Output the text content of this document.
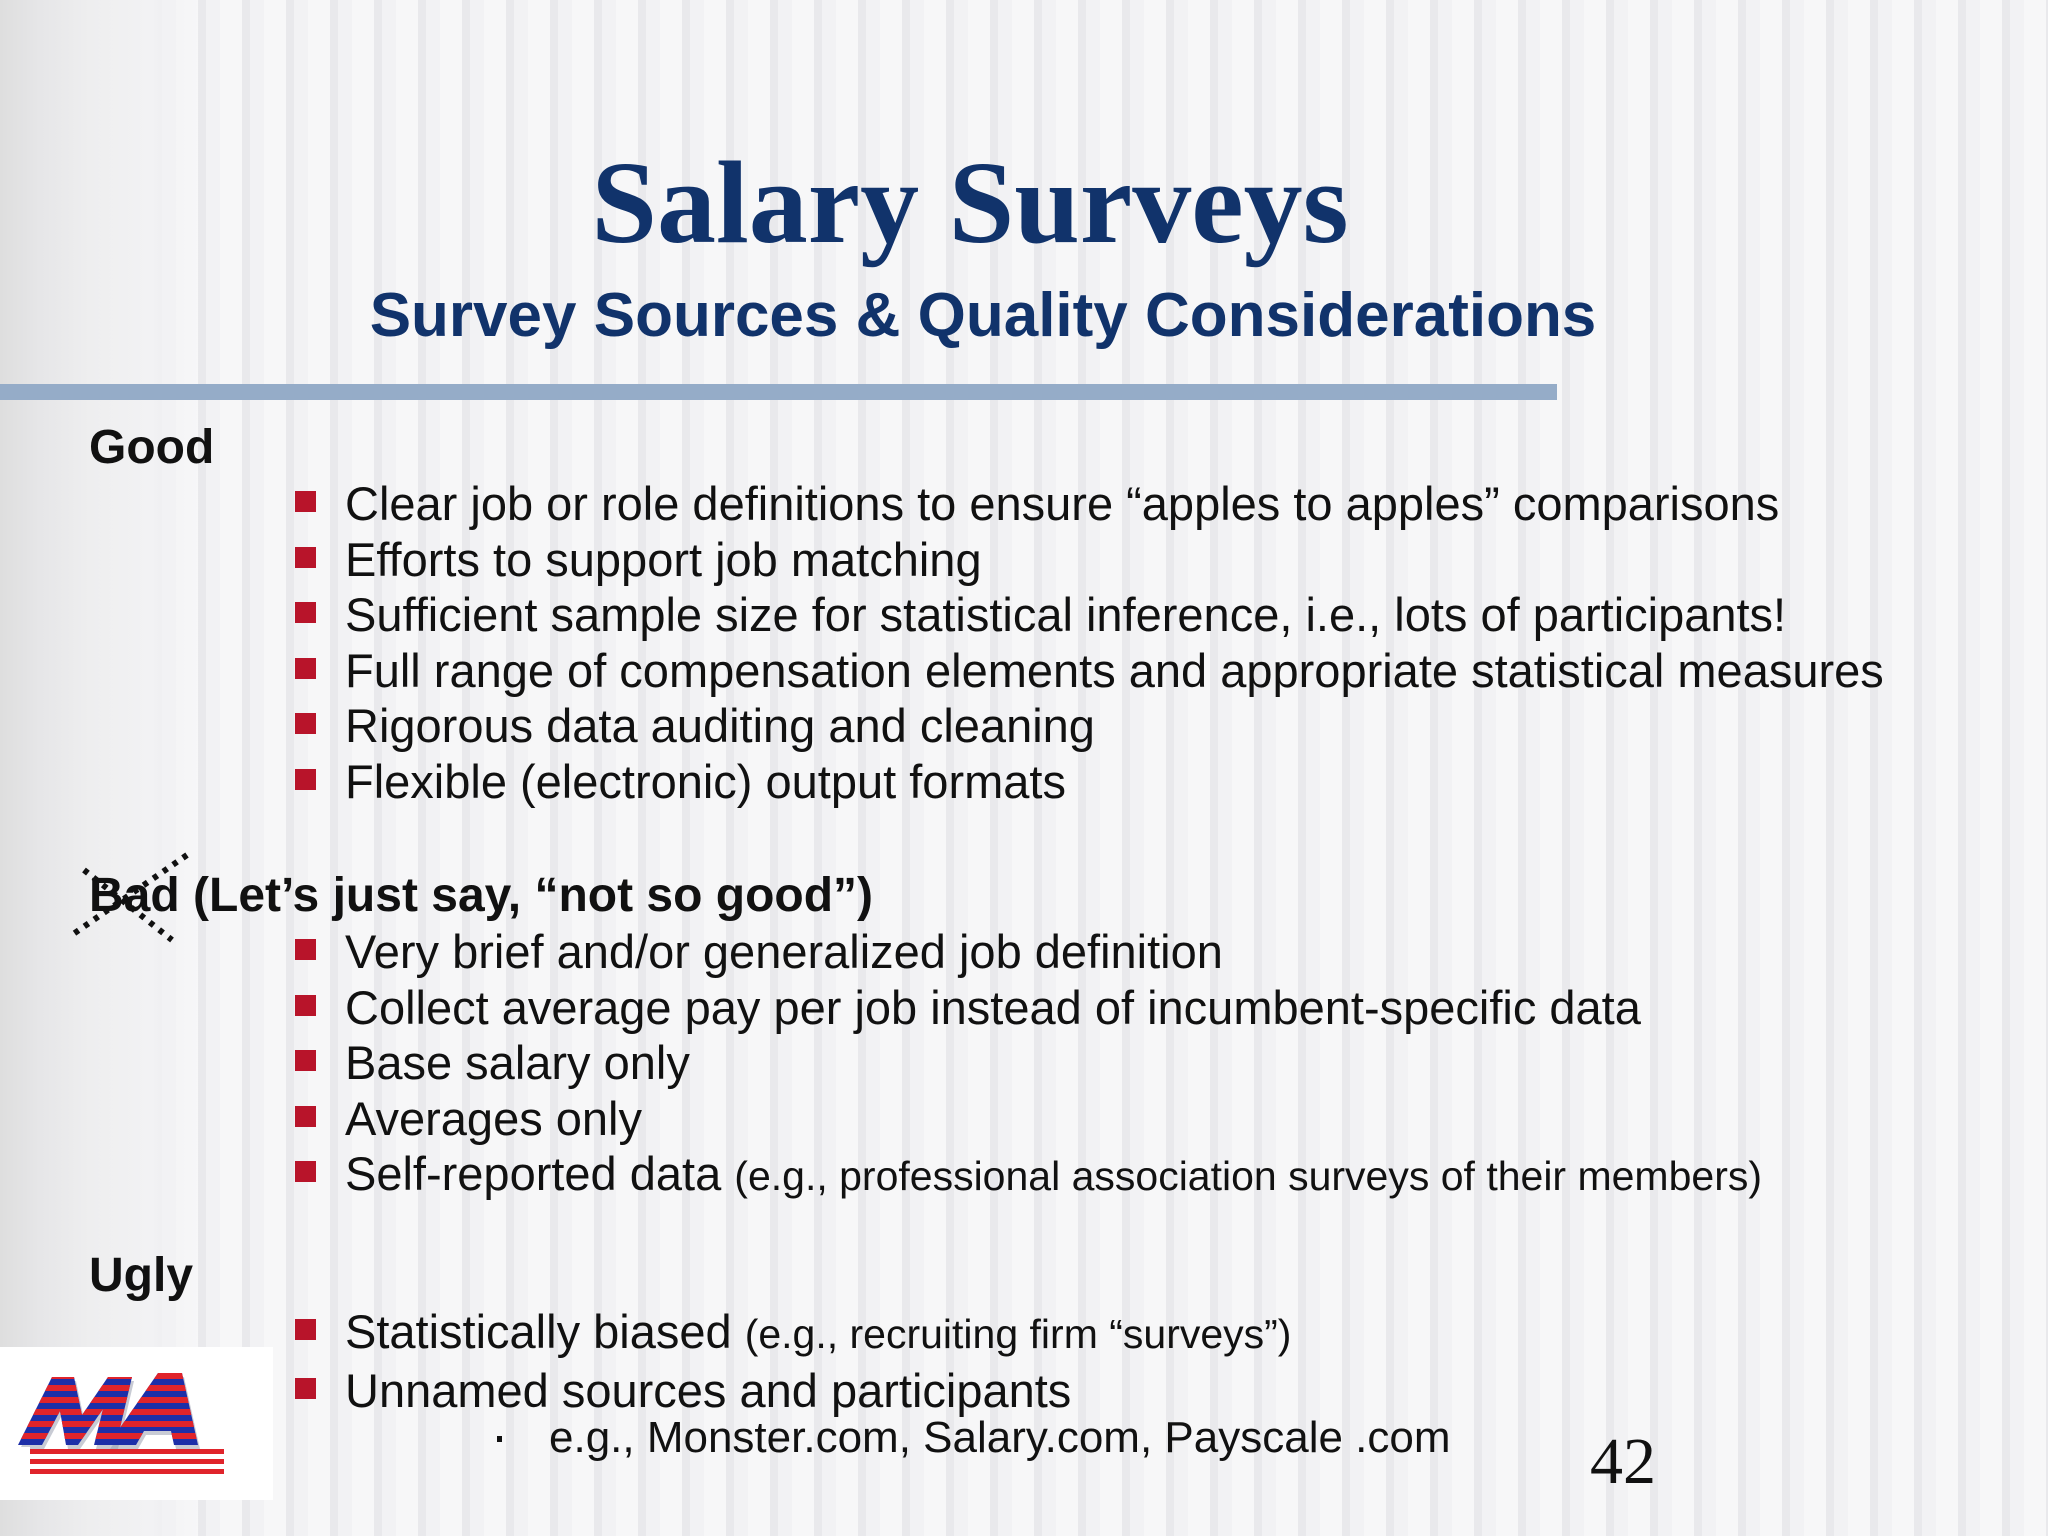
Salary Surveys
Survey Sources & Quality Considerations
Good
Clear job or role definitions to ensure “apples to apples” comparisons
Efforts to support job matching
Sufficient sample size for statistical inference, i.e., lots of participants!
Full range of compensation elements and appropriate statistical measures
Rigorous data auditing and cleaning
Flexible (electronic) output formats
Bad (Let’s just say, “not so good”)
Very brief and/or generalized job definition
Collect average pay per job instead of incumbent-specific data
Base salary only
Averages only
Self-reported data (e.g., professional association surveys of their members)
Ugly
Statistically biased (e.g., recruiting firm “surveys”)
Unnamed sources and participants
e.g., Monster.com, Salary.com, Payscale .com 42
